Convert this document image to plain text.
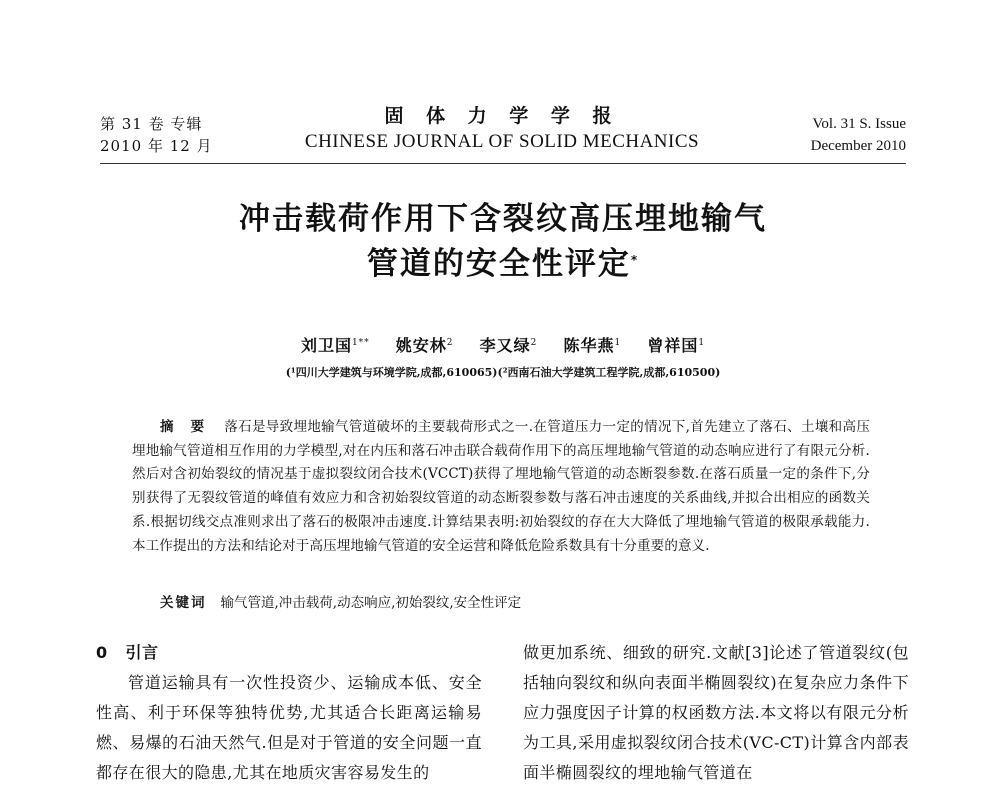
第 31 卷 专辑
2010 年 12 月
固 体 力 学 学 报
CHINESE JOURNAL OF SOLID MECHANICS
Vol. 31 S. Issue
December 2010
冲击载荷作用下含裂纹高压埋地输气
管道的安全性评定*
刘卫国$^{1**}$ 姚安林$^2$ 李又绿$^2$ 陈华燕$^1$ 曾祥国$^1$
(¹四川大学建筑与环境学院,成都,610065)(²西南石油大学建筑工程学院,成都,610500)
摘 要 落石是导致埋地输气管道破坏的主要载荷形式之一.在管道压力一定的情况下,首先建立了落石、土壤和高压埋地输气管道相互作用的力学模型,对在内压和落石冲击联合载荷作用下的高压埋地输气管道的动态响应进行了有限元分析.然后对含初始裂纹的情况基于虚拟裂纹闭合技术(VCCT)获得了埋地输气管道的动态断裂参数.在落石质量一定的条件下,分别获得了无裂纹管道的峰值有效应力和含初始裂纹管道的动态断裂参数与落石冲击速度的关系曲线,并拟合出相应的函数关系.根据切线交点准则求出了落石的极限冲击速度.计算结果表明:初始裂纹的存在大大降低了埋地输气管道的极限承载能力.本工作提出的方法和结论对于高压埋地输气管道的安全运营和降低危险系数具有十分重要的意义.
关键词 输气管道,冲击载荷,动态响应,初始裂纹,安全性评定
0 引言
管道运输具有一次性投资少、运输成本低、安全性高、利于环保等独特优势,尤其适合长距离运输易燃、易爆的石油天然气.但是对于管道的安全问题一直都存在很大的隐患,尤其在地质灾害容易发生的
做更加系统、细致的研究.文献[3]论述了管道裂纹(包括轴向裂纹和纵向表面半椭圆裂纹)在复杂应力条件下应力强度因子计算的权函数方法.本文将以有限元分析为工具,采用虚拟裂纹闭合技术(VC-CT)计算含内部表面半椭圆裂纹的埋地输气管道在
